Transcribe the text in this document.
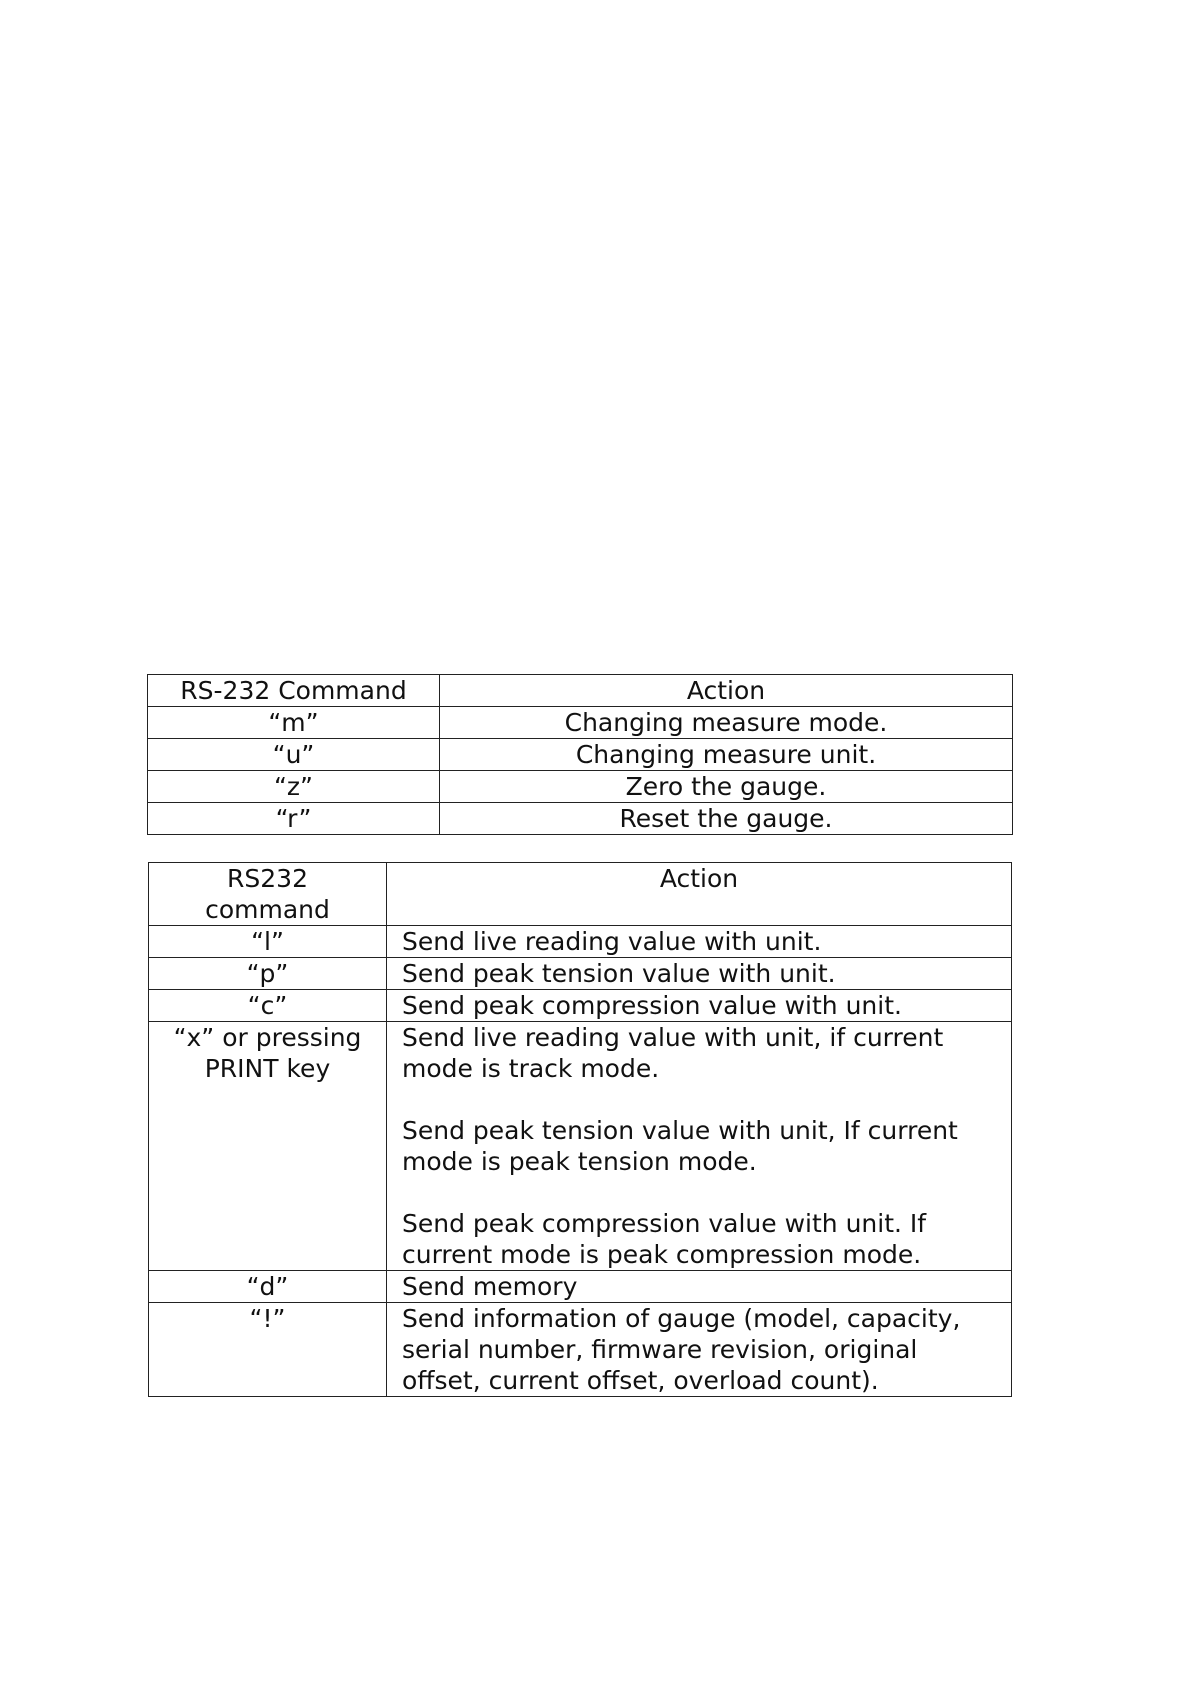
RS-232 Command	Action
“m”	Changing measure mode.
“u”	Changing measure unit.
“z”	Zero the gauge.
“r”	Reset the gauge.
RS232
command	Action
“l”	Send live reading value with unit.
“p”	Send peak tension value with unit.
“c”	Send peak compression value with unit.

“x” or pressing
PRINT key	Send live reading value with unit, if current mode is track mode.
Send peak tension value with unit, If current mode is peak tension mode.
Send peak compression value with unit. If current mode is peak compression mode.

“d”	Send memory
“!”	Send information of gauge (model, capacity, serial number, firmware revision, original offset, current offset, overload count).
